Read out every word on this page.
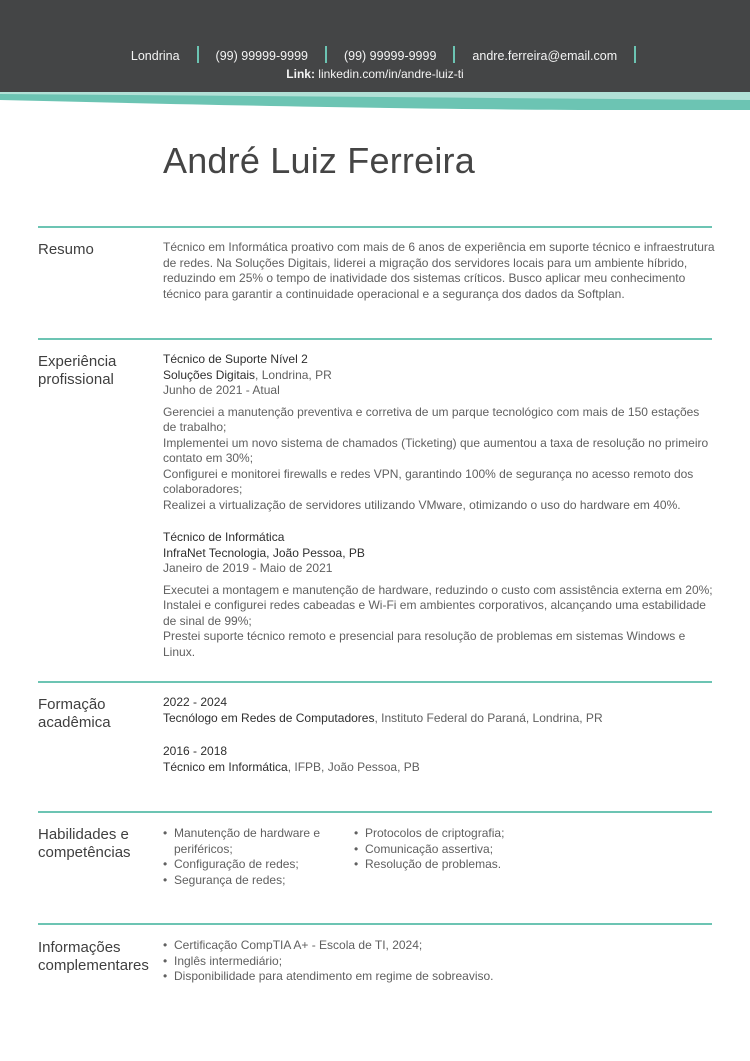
Londrina	(99) 99999-9999	(99) 99999-9999	andre.ferreira@email.com
Link: linkedin.com/in/andre-luiz-ti
André Luiz Ferreira
Resumo	Técnico em Informática proativo com mais de 6 anos de experiência em suporte técnico e infraestrutura de redes. Na Soluções Digitais, liderei a migração dos servidores locais para um ambiente híbrido, reduzindo em 25% o tempo de inatividade dos sistemas críticos. Busco aplicar meu conhecimento técnico para garantir a continuidade operacional e a segurança dos dados da Softplan.

Experiência
profissional
Técnico de Suporte Nível 2
Soluções Digitais, Londrina, PR
Junho de 2021 - Atual
Gerenciei a manutenção preventiva e corretiva de um parque tecnológico com mais de 150 estações de trabalho;
Implementei um novo sistema de chamados (Ticketing) que aumentou a taxa de resolução no primeiro contato em 30%;
Configurei e monitorei firewalls e redes VPN, garantindo 100% de segurança no acesso remoto dos colaboradores;
Realizei a virtualização de servidores utilizando VMware, otimizando o uso do hardware em 40%.
Técnico de Informática
InfraNet Tecnologia, João Pessoa, PB
Janeiro de 2019 - Maio de 2021
Executei a montagem e manutenção de hardware, reduzindo o custo com assistência externa em 20%;
Instalei e configurei redes cabeadas e Wi-Fi em ambientes corporativos, alcançando uma estabilidade de sinal de 99%;
Prestei suporte técnico remoto e presencial para resolução de problemas em sistemas Windows e Linux.
Formação
acadêmica
2022 - 2024
Tecnólogo em Redes de Computadores, Instituto Federal do Paraná, Londrina, PR
2016 - 2018
Técnico em Informática, IFPB, João Pessoa, PB
Habilidades e
competências
• Manutenção de hardware e periféricos;
• Configuração de redes;
• Segurança de redes;
• Protocolos de criptografia;
• Comunicação assertiva;
• Resolução de problemas.
Informações
complementares
• Certificação CompTIA A+ - Escola de TI, 2024;
• Inglês intermediário;
• Disponibilidade para atendimento em regime de sobreaviso.
